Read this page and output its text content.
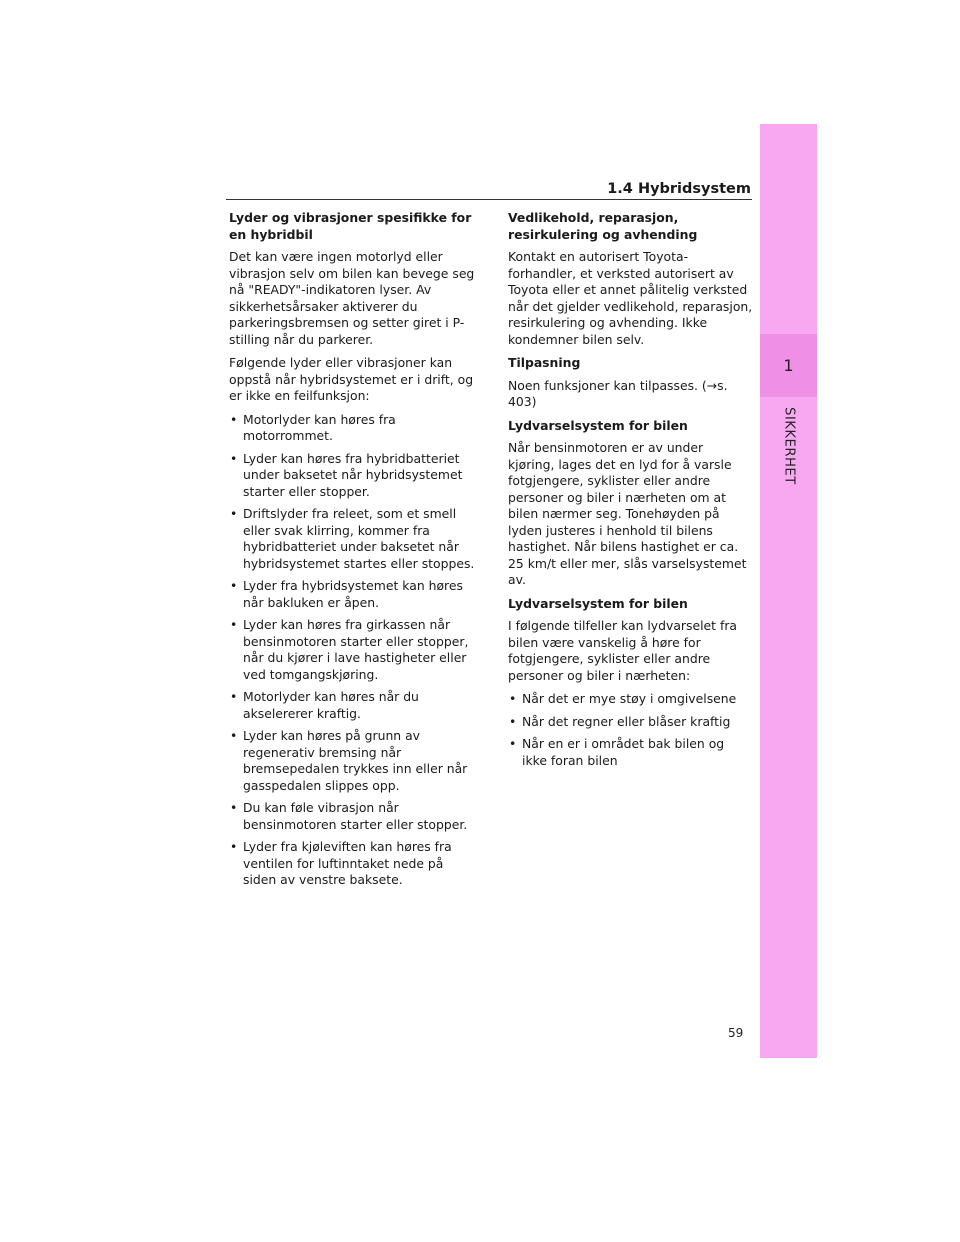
1
SIKKERHET
1.4 Hybridsystem

Lyder og vibrasjoner spesifikke for en hybridbil

Det kan være ingen motorlyd eller vibrasjon selv om bilen kan bevege seg nå "READY"-indikatoren lyser. Av sikkerhetsårsaker aktiverer du parkeringsbremsen og setter giret i P-stilling når du parkerer.

Følgende lyder eller vibrasjoner kan oppstå når hybridsystemet er i drift, og er ikke en feilfunksjon:

• Motorlyder kan høres fra motorrommet.
• Lyder kan høres fra hybridbatteriet under baksetet når hybridsystemet starter eller stopper.
• Driftslyder fra releet, som et smell eller svak klirring, kommer fra hybridbatteriet under baksetet når hybridsystemet startes eller stoppes.
• Lyder fra hybridsystemet kan høres når bakluken er åpen.
• Lyder kan høres fra girkassen når bensinmotoren starter eller stopper, når du kjører i lave hastigheter eller ved tomgangskjøring.
• Motorlyder kan høres når du akselererer kraftig.
• Lyder kan høres på grunn av regenerativ bremsing når bremsepedalen trykkes inn eller når gasspedalen slippes opp.
• Du kan føle vibrasjon når bensinmotoren starter eller stopper.
• Lyder fra kjøleviften kan høres fra ventilen for luftinntaket nede på siden av venstre baksete.

Vedlikehold, reparasjon, resirkulering og avhending

Kontakt en autorisert Toyota-forhandler, et verksted autorisert av Toyota eller et annet pålitelig verksted når det gjelder vedlikehold, reparasjon, resirkulering og avhending. Ikke kondemner bilen selv.

Tilpasning

Noen funksjoner kan tilpasses. (→s. 403)

Lydvarselsystem for bilen

Når bensinmotoren er av under kjøring, lages det en lyd for å varsle fotgjengere, syklister eller andre personer og biler i nærheten om at bilen nærmer seg. Tonehøyden på lyden justeres i henhold til bilens hastighet. Når bilens hastighet er ca. 25 km/t eller mer, slås varselsystemet av.

Lydvarselsystem for bilen

I følgende tilfeller kan lydvarselet fra bilen være vanskelig å høre for fotgjengere, syklister eller andre personer og biler i nærheten:

• Når det er mye støy i omgivelsene
• Når det regner eller blåser kraftig
• Når en er i området bak bilen og ikke foran bilen
59
